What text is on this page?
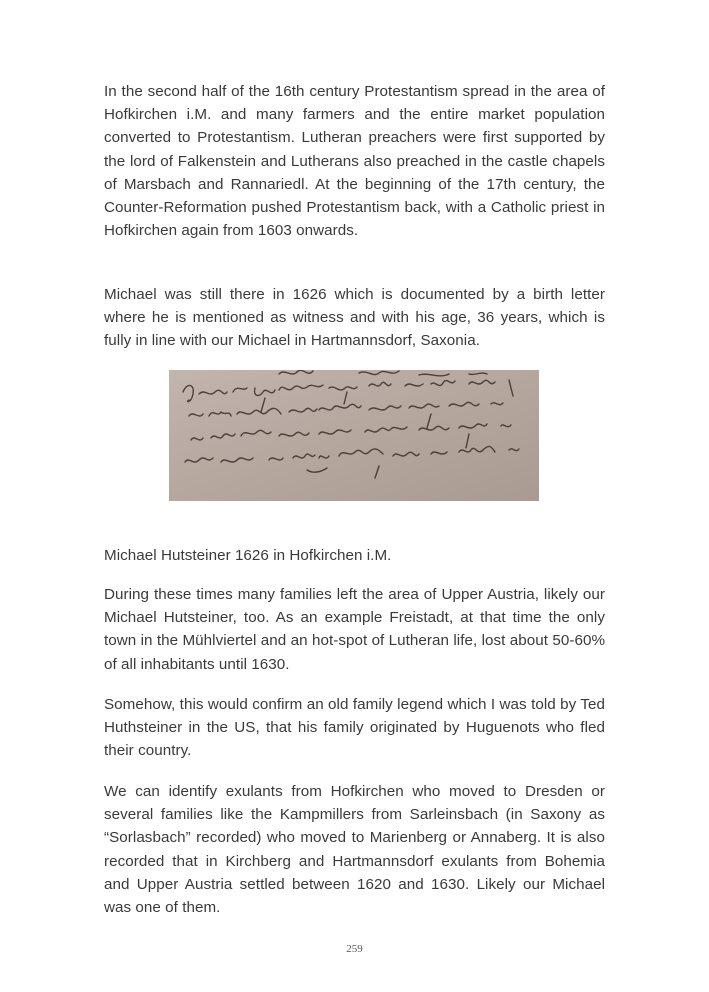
In the second half of the 16th century Protestantism spread in the area of Hofkirchen i.M. and many farmers and the entire market population converted to Protestantism. Lutheran preachers were first supported by the lord of Falkenstein and Lutherans also preached in the castle chapels of Marsbach and Rannariedl. At the beginning of the 17th century, the Counter-Reformation pushed Protestantism back, with a Catholic priest in Hofkirchen again from 1603 onwards.

Michael was still there in 1626 which is documented by a birth letter where he is mentioned as witness and with his age, 36 years, which is fully in line with our Michael in Hartmannsdorf, Saxonia.

Michael Hutsteiner 1626 in Hofkirchen i.M.

During these times many families left the area of Upper Austria, likely our Michael Hutsteiner, too. As an example Freistadt, at that time the only town in the Mühlviertel and an hot-spot of Lutheran life, lost about 50-60% of all inhabitants until 1630.

Somehow, this would confirm an old family legend which I was told by Ted Huthsteiner in the US, that his family originated by Huguenots who fled their country.

We can identify exulants from Hofkirchen who moved to Dresden or several families like the Kampmillers from Sarleinsbach (in Saxony as “Sorlasbach” recorded) who moved to Marienberg or Annaberg. It is also recorded that in Kirchberg and Hartmannsdorf exulants from Bohemia and Upper Austria settled between 1620 and 1630. Likely our Michael was one of them.

259
